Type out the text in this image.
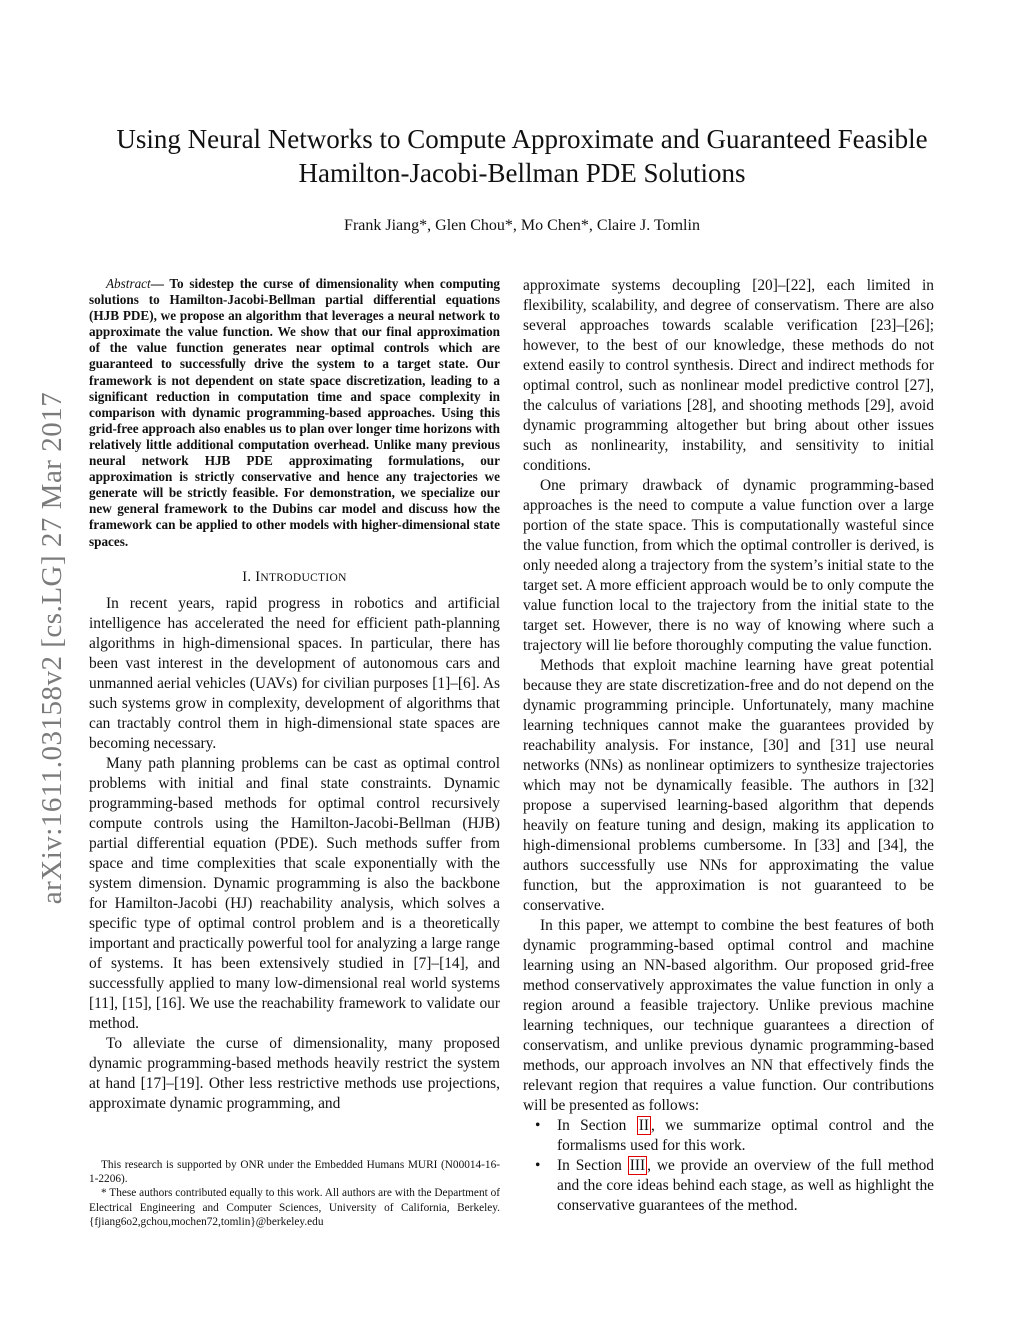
arXiv:1611.03158v2 [cs.LG] 27 Mar 2017
Using Neural Networks to Compute Approximate and Guaranteed Feasible
Hamilton-Jacobi-Bellman PDE Solutions
Frank Jiang*, Glen Chou*, Mo Chen*, Claire J. Tomlin

Abstract— To sidestep the curse of dimensionality when computing solutions to Hamilton-Jacobi-Bellman partial differential equations (HJB PDE), we propose an algorithm that leverages a neural network to approximate the value function. We show that our final approximation of the value function generates near optimal controls which are guaranteed to successfully drive the system to a target state. Our framework is not dependent on state space discretization, leading to a significant reduction in computation time and space complexity in comparison with dynamic programming-based approaches. Using this grid-free approach also enables us to plan over longer time horizons with relatively little additional computation overhead. Unlike many previous neural network HJB PDE approximating formulations, our approximation is strictly conservative and hence any trajectories we generate will be strictly feasible. For demonstration, we specialize our new general framework to the Dubins car model and discuss how the framework can be applied to other models with higher-dimensional state spaces.

I. INTRODUCTION

In recent years, rapid progress in robotics and artificial intelligence has accelerated the need for efficient path-planning algorithms in high-dimensional spaces. In particular, there has been vast interest in the development of autonomous cars and unmanned aerial vehicles (UAVs) for civilian purposes [1]–[6]. As such systems grow in complexity, development of algorithms that can tractably control them in high-dimensional state spaces are becoming necessary.

Many path planning problems can be cast as optimal control problems with initial and final state constraints. Dynamic programming-based methods for optimal control recursively compute controls using the Hamilton-Jacobi-Bellman (HJB) partial differential equation (PDE). Such methods suffer from space and time complexities that scale exponentially with the system dimension. Dynamic programming is also the backbone for Hamilton-Jacobi (HJ) reachability analysis, which solves a specific type of optimal control problem and is a theoretically important and practically powerful tool for analyzing a large range of systems. It has been extensively studied in [7]–[14], and successfully applied to many low-dimensional real world systems [11], [15], [16]. We use the reachability framework to validate our method.

To alleviate the curse of dimensionality, many proposed dynamic programming-based methods heavily restrict the system at hand [17]–[19]. Other less restrictive methods use projections, approximate dynamic programming, and

This research is supported by ONR under the Embedded Humans MURI (N00014-16-1-2206).

* These authors contributed equally to this work. All authors are with the Department of Electrical Engineering and Computer Sciences, University of California, Berkeley. {fjiang6o2,gchou,mochen72,tomlin}@berkeley.edu

approximate systems decoupling [20]–[22], each limited in flexibility, scalability, and degree of conservatism. There are also several approaches towards scalable verification [23]–[26]; however, to the best of our knowledge, these methods do not extend easily to control synthesis. Direct and indirect methods for optimal control, such as nonlinear model predictive control [27], the calculus of variations [28], and shooting methods [29], avoid dynamic programming altogether but bring about other issues such as nonlinearity, instability, and sensitivity to initial conditions.

One primary drawback of dynamic programming-based approaches is the need to compute a value function over a large portion of the state space. This is computationally wasteful since the value function, from which the optimal controller is derived, is only needed along a trajectory from the system’s initial state to the target set. A more efficient approach would be to only compute the value function local to the trajectory from the initial state to the target set. However, there is no way of knowing where such a trajectory will lie before thoroughly computing the value function.

Methods that exploit machine learning have great potential because they are state discretization-free and do not depend on the dynamic programming principle. Unfortunately, many machine learning techniques cannot make the guarantees provided by reachability analysis. For instance, [30] and [31] use neural networks (NNs) as nonlinear optimizers to synthesize trajectories which may not be dynamically feasible. The authors in [32] propose a supervised learning-based algorithm that depends heavily on feature tuning and design, making its application to high-dimensional problems cumbersome. In [33] and [34], the authors successfully use NNs for approximating the value function, but the approximation is not guaranteed to be conservative.

In this paper, we attempt to combine the best features of both dynamic programming-based optimal control and machine learning using an NN-based algorithm. Our proposed grid-free method conservatively approximates the value function in only a region around a feasible trajectory. Unlike previous machine learning techniques, our technique guarantees a direction of conservatism, and unlike previous dynamic programming-based methods, our approach involves an NN that effectively finds the relevant region that requires a value function. Our contributions will be presented as follows:

• In Section II , we summarize optimal control and the formalisms used for this work.
• In Section III , we provide an overview of the full method and the core ideas behind each stage, as well as highlight the conservative guarantees of the method.
